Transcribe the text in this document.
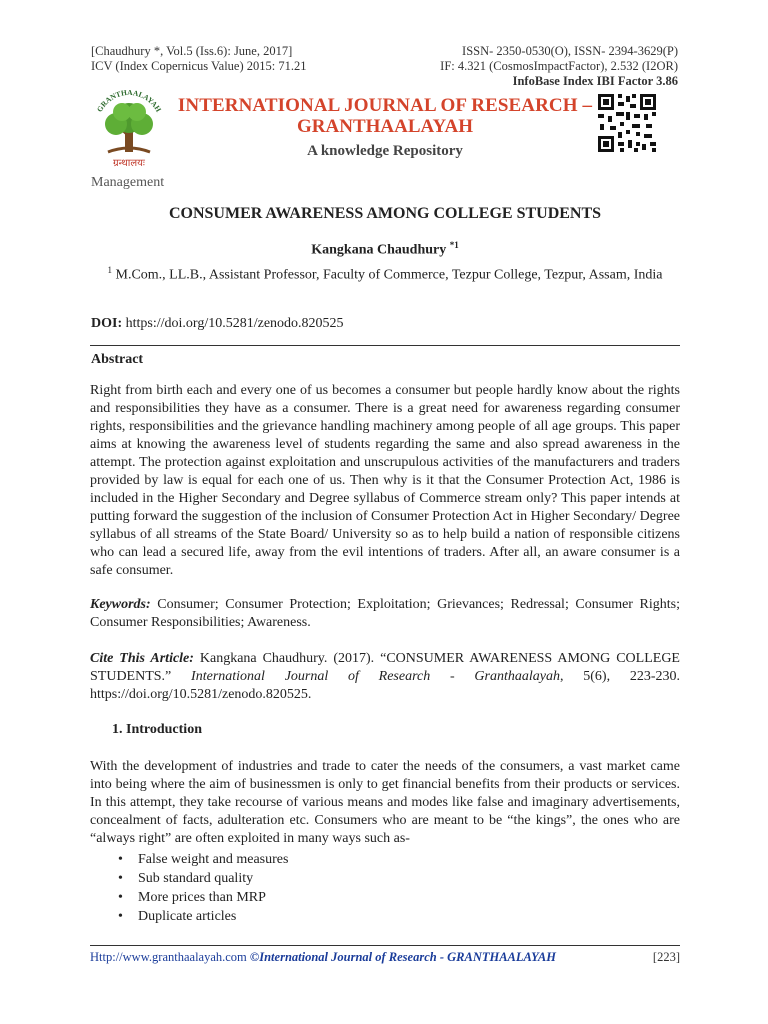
[Chaudhury *, Vol.5 (Iss.6): June, 2017]
ICV (Index Copernicus Value) 2015: 71.21
ISSN- 2350-0530(O), ISSN- 2394-3629(P)
IF: 4.321 (CosmosImpactFactor), 2.532 (I2OR)
InfoBase Index IBI Factor 3.86
GRANTHAALAYAH
ग्रन्थालयः
INTERNATIONAL JOURNAL OF RESEARCH –
GRANTHAALAYAH
A knowledge Repository
Management
CONSUMER AWARENESS AMONG COLLEGE STUDENTS
Kangkana Chaudhury $^{*1}$
$^1$ M.Com., LL.B., Assistant Professor, Faculty of Commerce, Tezpur College, Tezpur, Assam, India
DOI: https://doi.org/10.5281/zenodo.820525
Abstract
Right from birth each and every one of us becomes a consumer but people hardly know about the rights and responsibilities they have as a consumer. There is a great need for awareness regarding consumer rights, responsibilities and the grievance handling machinery among people of all age groups. This paper aims at knowing the awareness level of students regarding the same and also spread awareness in the attempt. The protection against exploitation and unscrupulous activities of the manufacturers and traders provided by law is equal for each one of us. Then why is it that the Consumer Protection Act, 1986 is included in the Higher Secondary and Degree syllabus of Commerce stream only? This paper intends at putting forward the suggestion of the inclusion of Consumer Protection Act in Higher Secondary/ Degree syllabus of all streams of the State Board/ University so as to help build a nation of responsible citizens who can lead a secured life, away from the evil intentions of traders. After all, an aware consumer is a safe consumer.
Keywords: Consumer; Consumer Protection; Exploitation; Grievances; Redressal; Consumer Rights; Consumer Responsibilities; Awareness.
Cite This Article: Kangkana Chaudhury. (2017). “CONSUMER AWARENESS AMONG COLLEGE STUDENTS.” International Journal of Research - Granthaalayah, 5(6), 223-230. https://doi.org/10.5281/zenodo.820525.
1. Introduction
With the development of industries and trade to cater the needs of the consumers, a vast market came into being where the aim of businessmen is only to get financial benefits from their products or services. In this attempt, they take recourse of various means and modes like false and imaginary advertisements, concealment of facts, adulteration etc. Consumers who are meant to be “the kings”, the ones who are “always right” are often exploited in many ways such as-
• False weight and measures
• Sub standard quality
• More prices than MRP
• Duplicate articles
Http://www.granthaalayah.com ©International Journal of Research - GRANTHAALAYAH	[223]
